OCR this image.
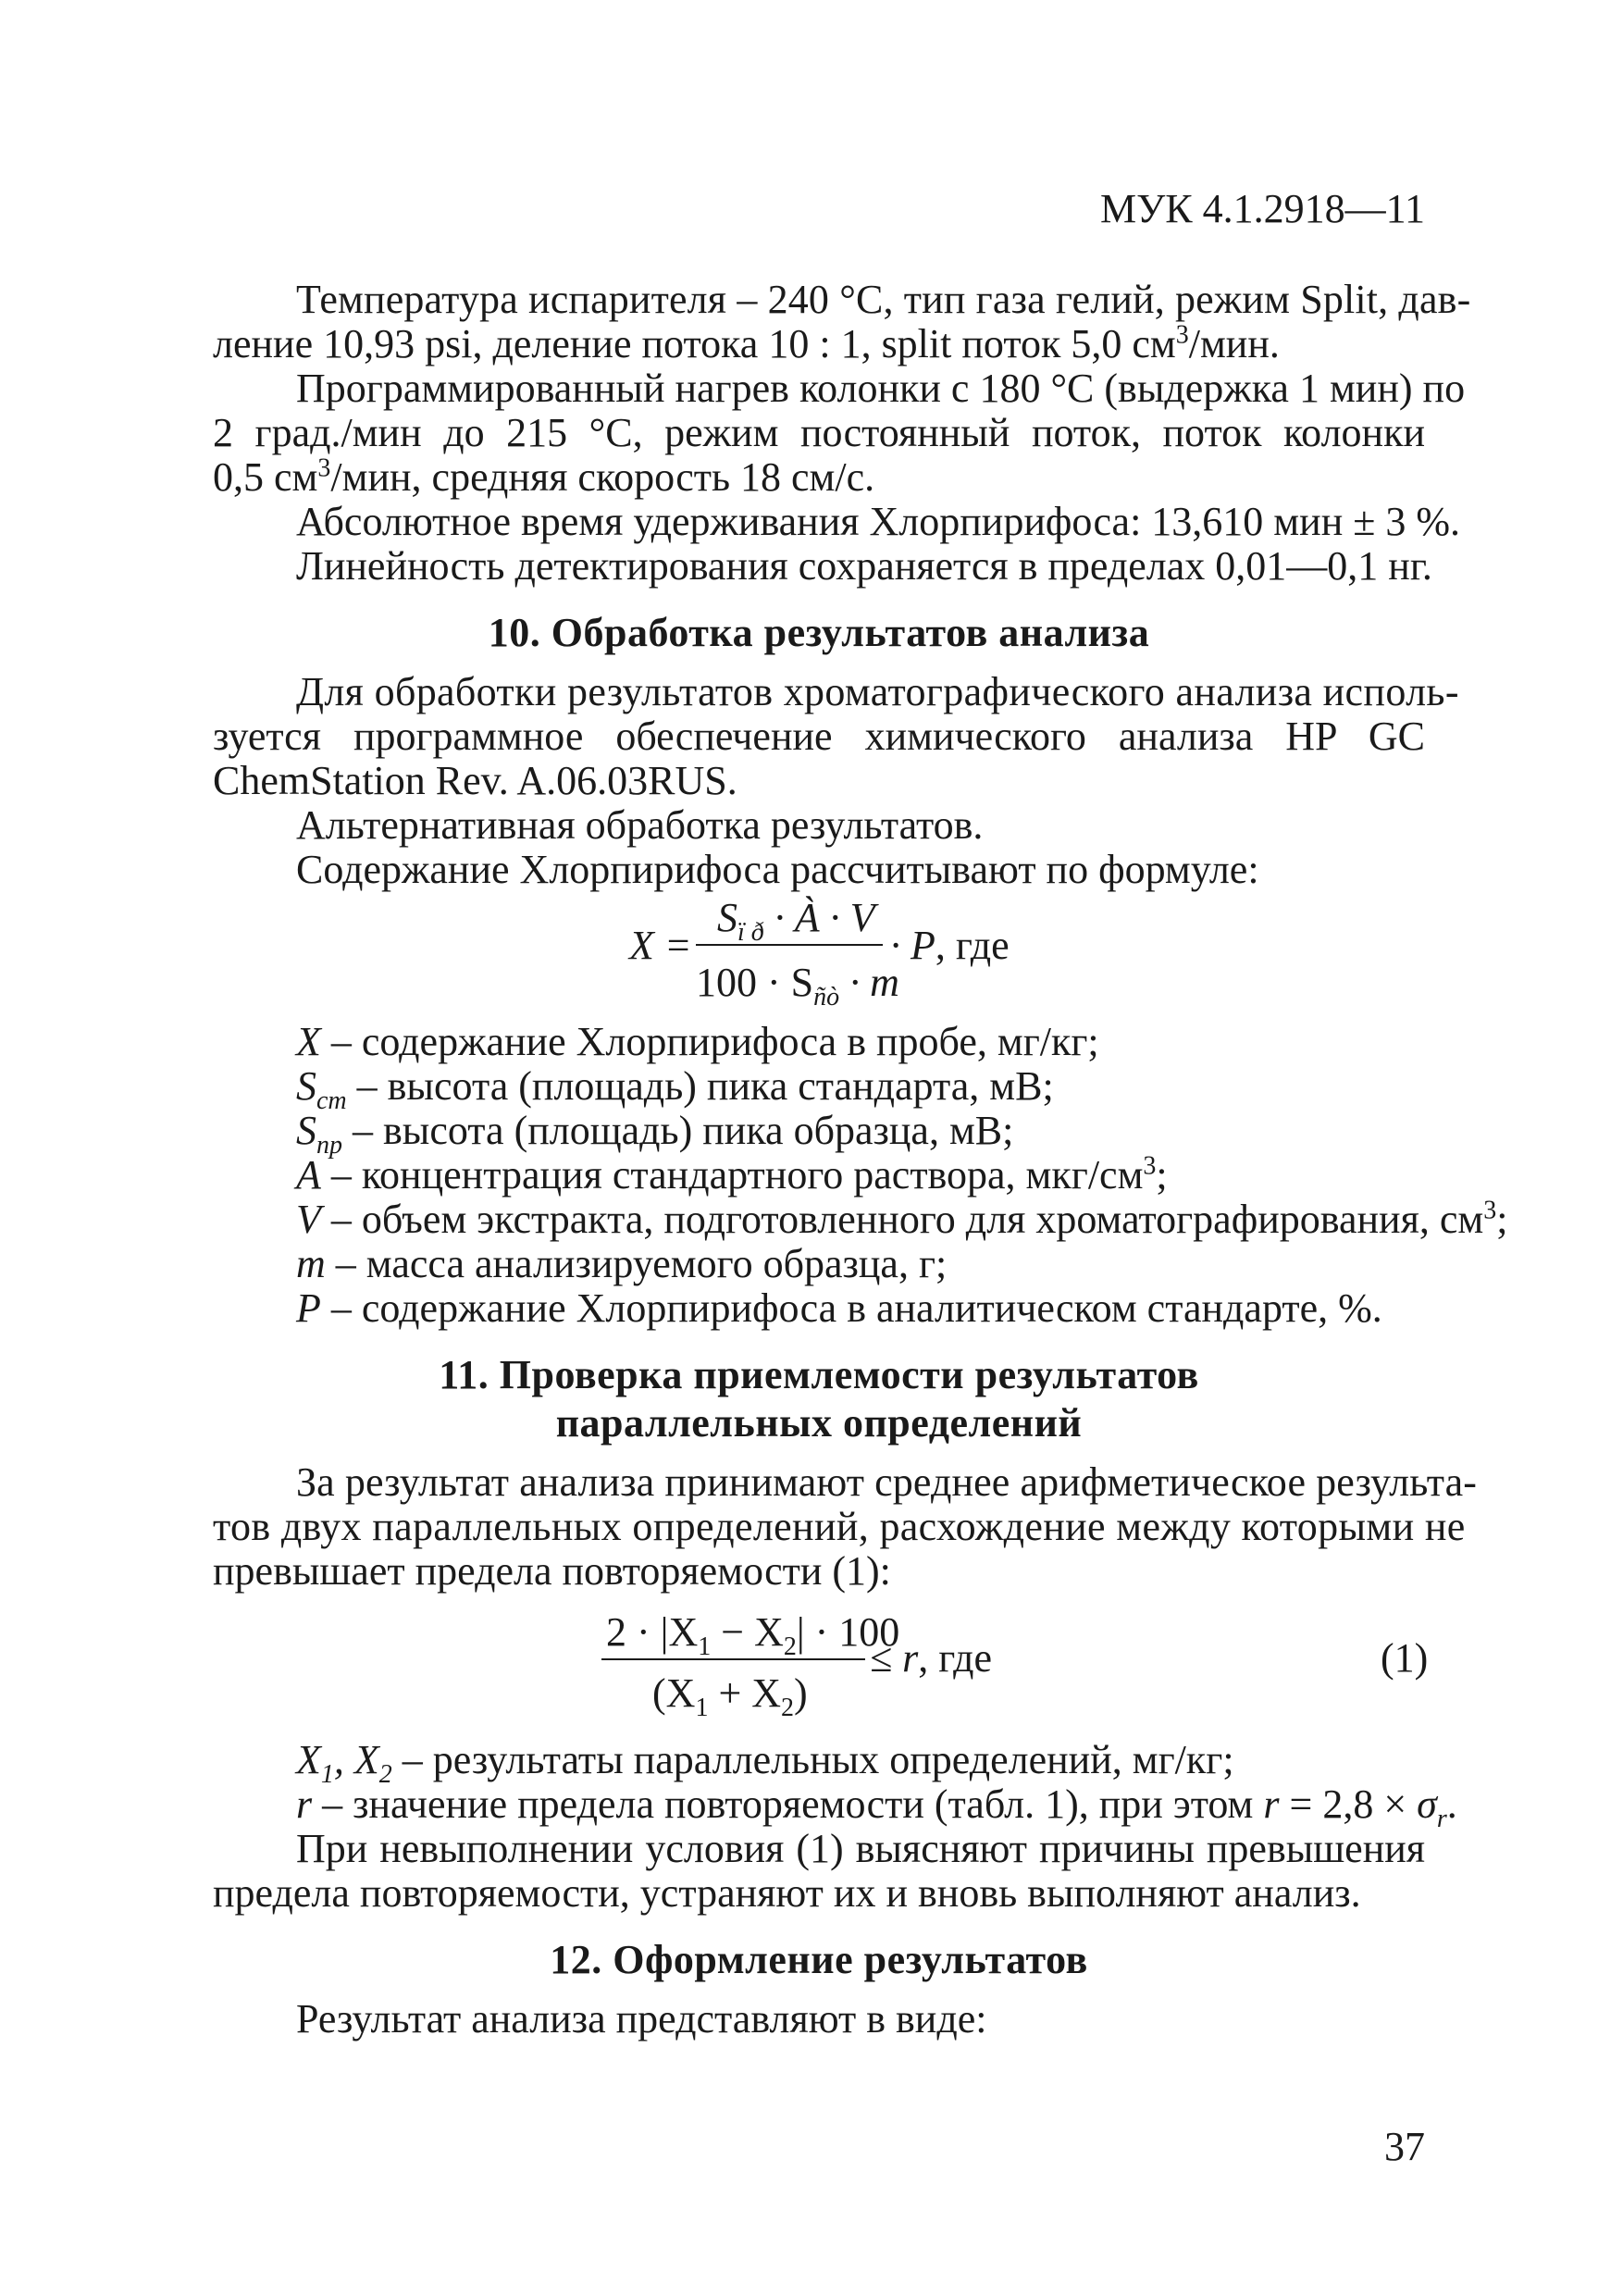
МУК 4.1.2918—11
Температура испарителя – 240 °С, тип газа гелий, режим Split, дав-
ление 10,93 psi, деление потока 10 : 1, split поток 5,0 $см^3$/мин.
Программированный нагрев колонки с 180 °С (выдержка 1 мин) по
2 град./мин до 215 °С, режим постоянный поток, поток колонки
0,5 $см^3$/мин, средняя скорость 18 см/с.
Абсолютное время удерживания Хлорпирифоса: 13,610 мин ± 3 %.
Линейность детектирования сохраняется в пределах 0,01—0,1 нг.
10. Обработка результатов анализа
Для обработки результатов хроматографического анализа исполь-
зуется программное обеспечение химического анализа HP GC
ChemStation Rev. A.06.03RUS.
Альтернативная обработка результатов.
Содержание Хлорпирифоса рассчитывают по формуле:
X =
$S_{ï ð}$ · À · V
$100 \cdot S_{ñò} \cdot m$
· P, где
X – содержание Хлорпирифоса в пробе, мг/кг;
$S_{ст}$ – высота (площадь) пика стандарта, мВ;
$S_{пр}$ – высота (площадь) пика образца, мВ;
A – концентрация стандартного раствора, мкг/$см^3$;
V – объем экстракта, подготовленного для хроматографирования, $см^3$;
m – масса анализируемого образца, г;
P – содержание Хлорпирифоса в аналитическом стандарте, %.
11. Проверка приемлемости результатов
параллельных определений
За результат анализа принимают среднее арифметическое результа-
тов двух параллельных определений, расхождение между которыми не
превышает предела повторяемости (1):
$2 \cdot |X_1 - X_2| \cdot 100$
$(X_1 + X_2)$
≤ r, где	(1)
$X_1$, $X_2$ – результаты параллельных определений, мг/кг;
r – значение предела повторяемости (табл. 1), при этом $r = 2,8 \times \sigma_r$.
При невыполнении условия (1) выясняют причины превышения
предела повторяемости, устраняют их и вновь выполняют анализ.
12. Оформление результатов
Результат анализа представляют в виде:
37
